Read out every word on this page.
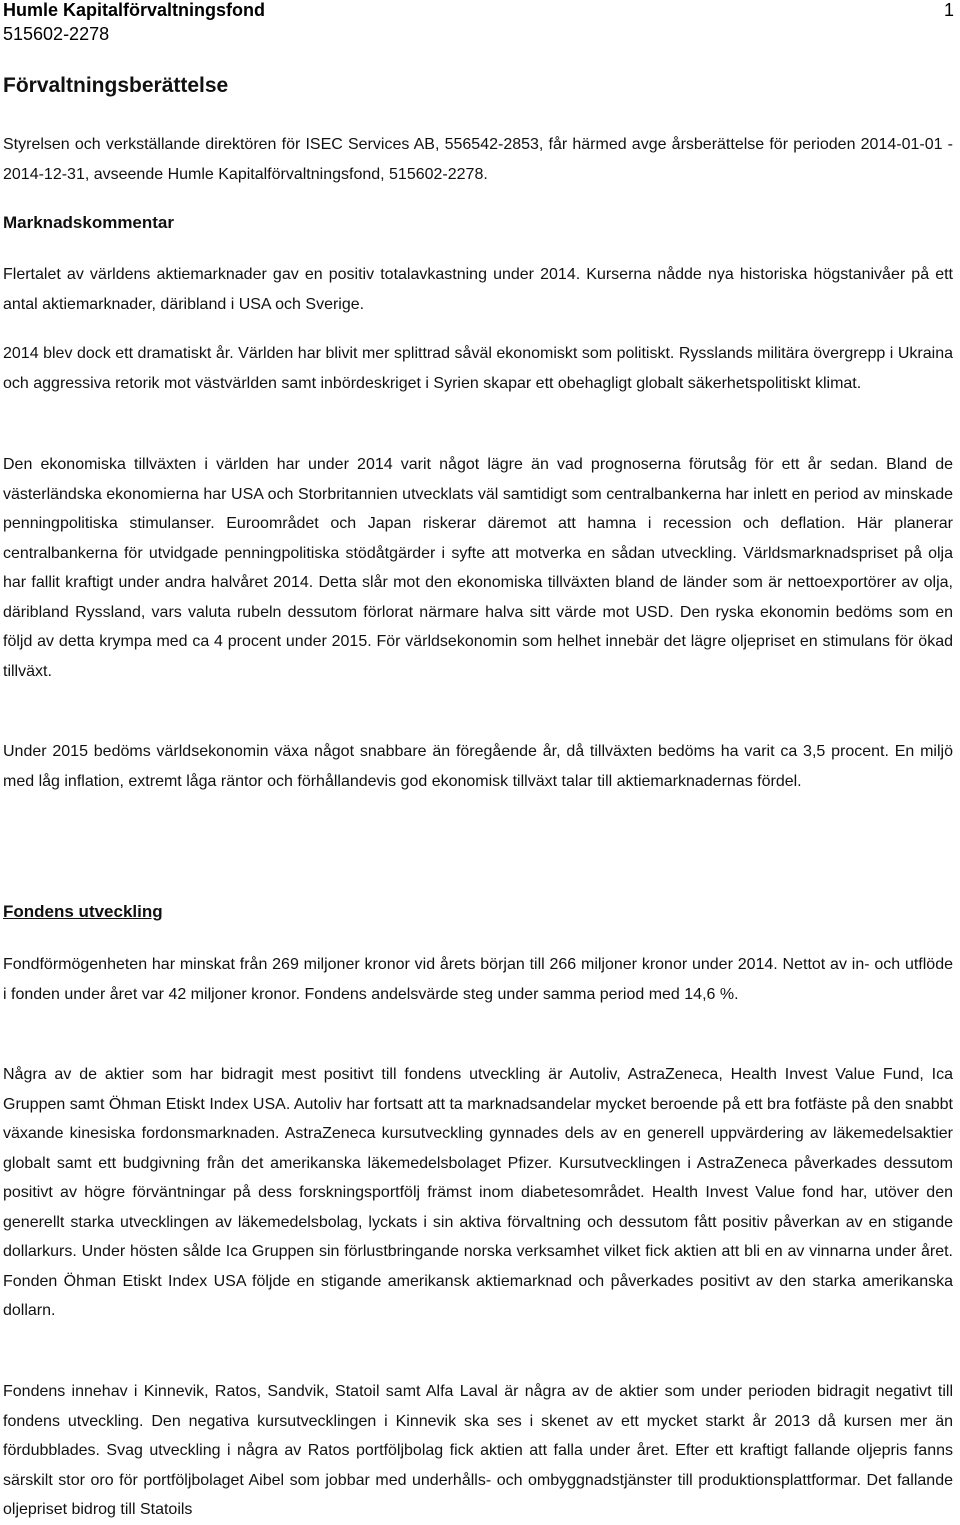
Humle Kapitalförvaltningsfond	1
515602-2278
Förvaltningsberättelse

Styrelsen och verkställande direktören för ISEC Services AB, 556542-2853, får härmed avge årsberättelse för perioden 2014-01-01 - 2014-12-31, avseende Humle Kapitalförvaltningsfond, 515602-2278.

Marknadskommentar

Flertalet av världens aktiemarknader gav en positiv totalavkastning under 2014. Kurserna nådde nya historiska högstanivåer på ett antal aktiemarknader, däribland i USA och Sverige.

2014 blev dock ett dramatiskt år. Världen har blivit mer splittrad såväl ekonomiskt som politiskt. Rysslands militära övergrepp i Ukraina och aggressiva retorik mot västvärlden samt inbördeskriget i Syrien skapar ett obehagligt globalt säkerhetspolitiskt klimat.

Den ekonomiska tillväxten i världen har under 2014 varit något lägre än vad prognoserna förutsåg för ett år sedan. Bland de västerländska ekonomierna har USA och Storbritannien utvecklats väl samtidigt som centralbankerna har inlett en period av minskade penningpolitiska stimulanser. Euroområdet och Japan riskerar däremot att hamna i recession och deflation. Här planerar centralbankerna för utvidgade penningpolitiska stödåtgärder i syfte att motverka en sådan utveckling. Världsmarknadspriset på olja har fallit kraftigt under andra halvåret 2014. Detta slår mot den ekonomiska tillväxten bland de länder som är nettoexportörer av olja, däribland Ryssland, vars valuta rubeln dessutom förlorat närmare halva sitt värde mot USD. Den ryska ekonomin bedöms som en följd av detta krympa med ca 4 procent under 2015. För världsekonomin som helhet innebär det lägre oljepriset en stimulans för ökad tillväxt.

Under 2015 bedöms världsekonomin växa något snabbare än föregående år, då tillväxten bedöms ha varit ca 3,5 procent. En miljö med låg inflation, extremt låga räntor och förhållandevis god ekonomisk tillväxt talar till aktiemarknadernas fördel.

Fondens utveckling

Fondförmögenheten har minskat från 269 miljoner kronor vid årets början till 266 miljoner kronor under 2014. Nettot av in- och utflöde i fonden under året var 42 miljoner kronor. Fondens andelsvärde steg under samma period med 14,6 %.

Några av de aktier som har bidragit mest positivt till fondens utveckling är Autoliv, AstraZeneca, Health Invest Value Fund, Ica Gruppen samt Öhman Etiskt Index USA. Autoliv har fortsatt att ta marknadsandelar mycket beroende på ett bra fotfäste på den snabbt växande kinesiska fordonsmarknaden. AstraZeneca kursutveckling gynnades dels av en generell uppvärdering av läkemedelsaktier globalt samt ett budgivning från det amerikanska läkemedelsbolaget Pfizer. Kursutvecklingen i AstraZeneca påverkades dessutom positivt av högre förväntningar på dess forskningsportfölj främst inom diabetesområdet. Health Invest Value fond har, utöver den generellt starka utvecklingen av läkemedelsbolag, lyckats i sin aktiva förvaltning och dessutom fått positiv påverkan av en stigande dollarkurs. Under hösten sålde Ica Gruppen sin förlustbringande norska verksamhet vilket fick aktien att bli en av vinnarna under året. Fonden Öhman Etiskt Index USA följde en stigande amerikansk aktiemarknad och påverkades positivt av den starka amerikanska dollarn.

Fondens innehav i Kinnevik, Ratos, Sandvik, Statoil samt Alfa Laval är några av de aktier som under perioden bidragit negativt till fondens utveckling. Den negativa kursutvecklingen i Kinnevik ska ses i skenet av ett mycket starkt år 2013 då kursen mer än fördubblades. Svag utveckling i några av Ratos portföljbolag fick aktien att falla under året. Efter ett kraftigt fallande oljepris fanns särskilt stor oro för portföljbolaget Aibel som jobbar med underhålls- och ombyggnadstjänster till produktionsplattformar. Det fallande oljepriset bidrog till Statoils
